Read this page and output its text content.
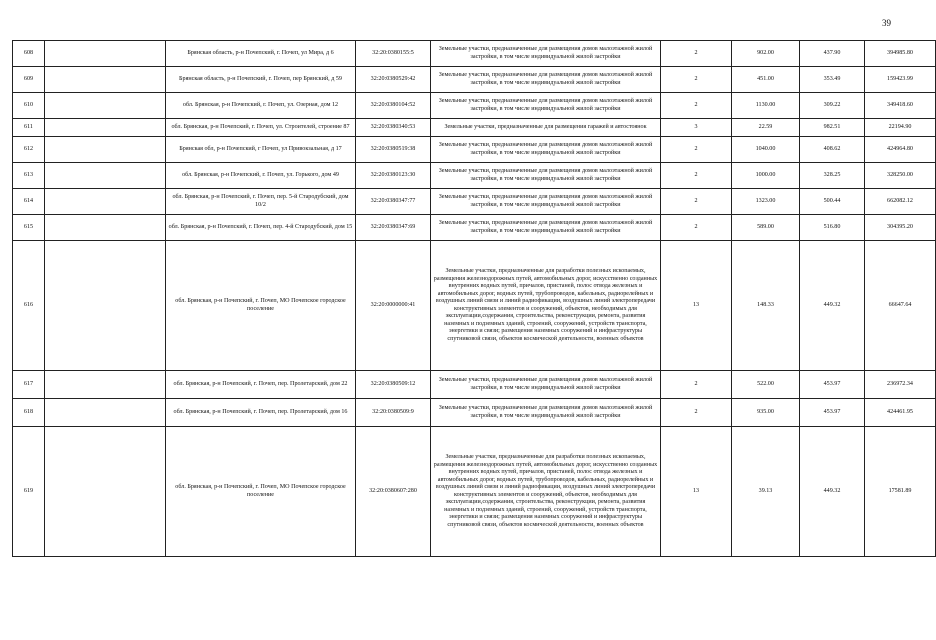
39
608		Брянская область, р-н Почепский, г. Почеп, ул Мира, д 6	32:20:0380155:5	Земельные участки, предназначенные для размещения домов малоэтажной жилой застройки, в том числе индивидуальной жилой застройки	2	902.00	437.90	394985.80
609		Брянская область, р-н Почепский, г. Почеп, пер Брянский, д 59	32:20:0380529:42	Земельные участки, предназначенные для размещения домов малоэтажной жилой застройки, в том числе индивидуальной жилой застройки	2	451.00	353.49	159423.99
610		обл. Брянская, р-н Почепский, г. Почеп, ул. Озерная, дом 12	32:20:0380104:52	Земельные участки, предназначенные для размещения домов малоэтажной жилой застройки, в том числе индивидуальной жилой застройки	2	1130.00	309.22	349418.60
611		обл. Брянская, р-н Почепский, г. Почеп, ул. Строителей, строение 87	32:20:0380340:53	Земельные участки, предназначенные для размещения гаражей и автостоянок	3	22.59	982.51	22194.90
612		Брянская обл, р-н Почепский, г Почеп, ул Привокзальная, д 17	32:20:0380519:38	Земельные участки, предназначенные для размещения домов малоэтажной жилой застройки, в том числе индивидуальной жилой застройки	2	1040.00	408.62	424964.80
613		обл. Брянская, р-н Почепский, г. Почеп, ул. Горького, дом 49	32:20:0380123:30	Земельные участки, предназначенные для размещения домов малоэтажной жилой застройки, в том числе индивидуальной жилой застройки	2	1000.00	328.25	328250.00
614		обл. Брянская, р-н Почепский, г. Почеп, пер. 5-й Стародубский, дом 10/2	32:20:0380347:77	Земельные участки, предназначенные для размещения домов малоэтажной жилой застройки, в том числе индивидуальной жилой застройки	2	1323.00	500.44	662082.12
615		обл. Брянская, р-н Почепский, г. Почеп, пер. 4-й Стародубский, дом 15	32:20:0380347:69	Земельные участки, предназначенные для размещения домов малоэтажной жилой застройки, в том числе индивидуальной жилой застройки	2	589.00	516.80	304395.20
616		обл. Брянская, р-н Почепский, г. Почеп, МО Почепское городское поселение	32:20:0000000:41	Земельные участки, предназначенные для разработки полезных ископаемых, размещения железнодорожных путей, автомобильных дорог, искусственно созданных внутренних водных путей, причалов, пристаней, полос отвода железных и автомобильных дорог, водных путей, трубопроводов, кабельных, радиорелейных и воздушных линий связи и линий радиофикации, воздушных линий электропередачи конструктивных элементов и сооружений, объектов, необходимых для эксплуатации,содержания, строительства, реконструкции, ремонта, развития наземных и подземных зданий, строений, сооружений, устройств транспорта, энергетики и связи; размещения наземных сооружений и инфраструктуры спутниковой связи, объектов космической деятельности, военных объектов	13	148.33	449.32	66647.64
617		обл. Брянская, р-н Почепский, г. Почеп, пер. Пролетарский, дом 22	32:20:0380509:12	Земельные участки, предназначенные для размещения домов малоэтажной жилой застройки, в том числе индивидуальной жилой застройки	2	522.00	453.97	236972.34
618		обл. Брянская, р-н Почепский, г. Почеп, пер. Пролетарский, дом 16	32:20:0380509:9	Земельные участки, предназначенные для размещения домов малоэтажной жилой застройки, в том числе индивидуальной жилой застройки	2	935.00	453.97	424461.95
619		обл. Брянская, р-н Почепский, г. Почеп, МО Почепское городское поселение	32:20:0380607:280	Земельные участки, предназначенные для разработки полезных ископаемых, размещения железнодорожных путей, автомобильных дорог, искусственно созданных внутренних водных путей, причалов, пристаней, полос отвода железных и автомобильных дорог, водных путей, трубопроводов, кабельных, радиорелейных и воздушных линий связи и линий радиофикации, воздушных линий электропередачи конструктивных элементов и сооружений, объектов, необходимых для эксплуатации,содержания, строительства, реконструкции, ремонта, развития наземных и подземных зданий, строений, сооружений, устройств транспорта, энергетики и связи; размещения наземных сооружений и инфраструктуры спутниковой связи, объектов космической деятельности, военных объектов	13	39.13	449.32	17581.89
